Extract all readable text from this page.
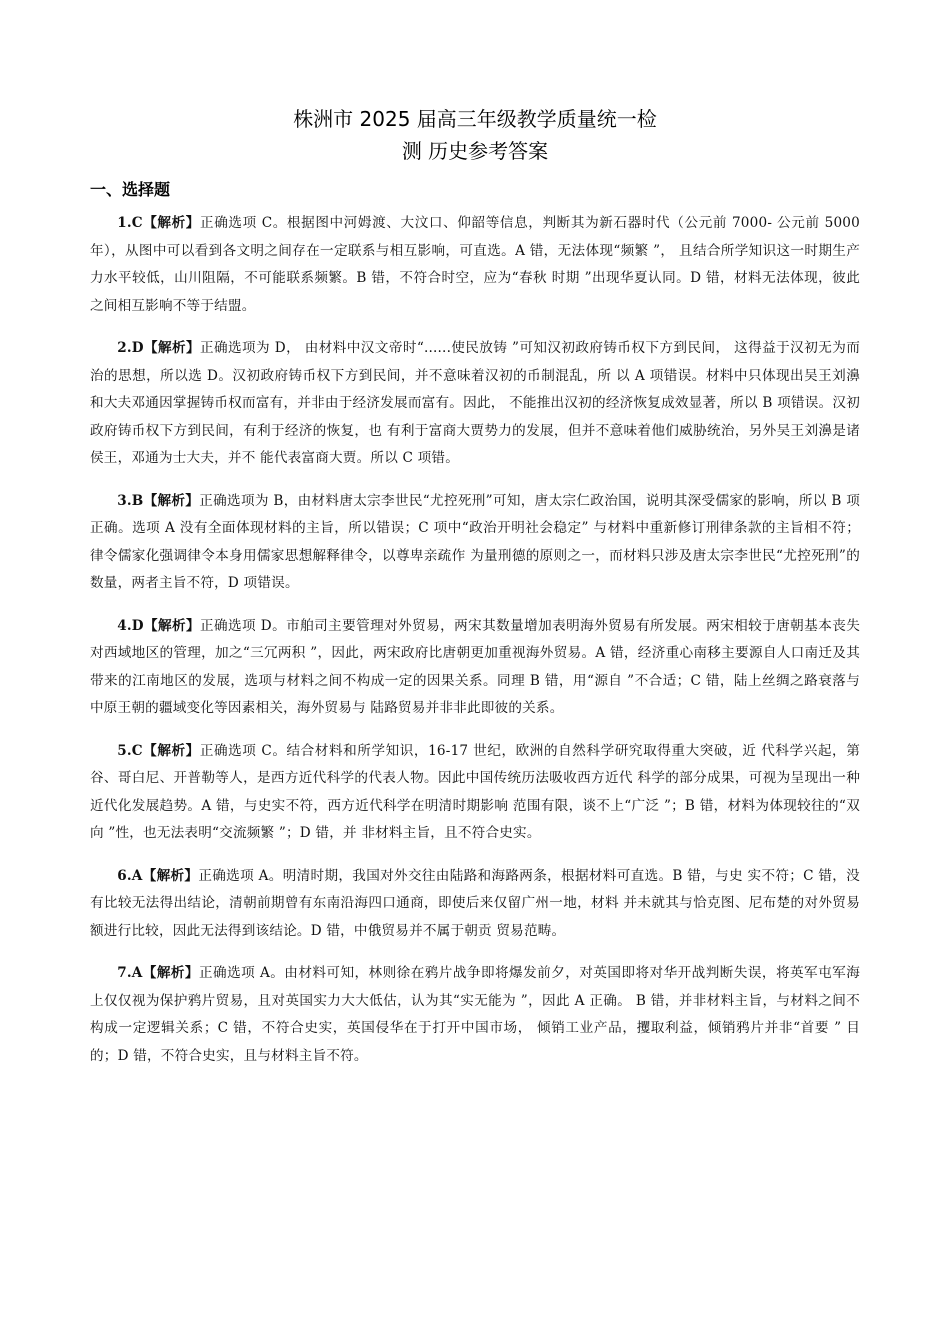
株洲市 2025 届高三年级教学质量统一检
测 历史参考答案
一、选择题

1.C【解析】正确选项 C。根据图中河姆渡、大汶口、仰韶等信息，判断其为新石器时代（公元前 7000- 公元前 5000 年），从图中可以看到各文明之间存在一定联系与相互影响，可直选。A 错，无法体现“频繁 ”， 且结合所学知识这一时期生产力水平较低，山川阻隔，不可能联系频繁。B 错，不符合时空，应为“春秋 时期 ”出现华夏认同。D 错，材料无法体现，彼此之间相互影响不等于结盟。

2.D【解析】正确选项为 D， 由材料中汉文帝时“......使民放铸 ”可知汉初政府铸币权下方到民间， 这得益于汉初无为而治的思想，所以选 D。汉初政府铸币权下方到民间，并不意味着汉初的币制混乱，所 以 A 项错误。材料中只体现出吴王刘濞和大夫邓通因掌握铸币权而富有，并非由于经济发展而富有。因此， 不能推出汉初的经济恢复成效显著，所以 B 项错误。汉初政府铸币权下方到民间，有利于经济的恢复，也 有利于富商大贾势力的发展，但并不意味着他们威胁统治，另外吴王刘濞是诸侯王，邓通为士大夫，并不 能代表富商大贾。所以 C 项错。

3.B【解析】正确选项为 B，由材料唐太宗李世民“尤控死刑”可知，唐太宗仁政治国，说明其深受儒家的影响，所以 B 项正确。选项 A 没有全面体现材料的主旨，所以错误；C 项中“政治开明社会稳定” 与材料中重新修订刑律条款的主旨相不符；律令儒家化强调律令本身用儒家思想解释律令，以尊卑亲疏作 为量刑德的原则之一，而材料只涉及唐太宗李世民“尤控死刑”的数量，两者主旨不符，D 项错误。

4.D【解析】正确选项 D。市舶司主要管理对外贸易，两宋其数量增加表明海外贸易有所发展。两宋相较于唐朝基本丧失对西域地区的管理，加之“三冗两积 ”，因此，两宋政府比唐朝更加重视海外贸易。A 错，经济重心南移主要源自人口南迁及其带来的江南地区的发展，选项与材料之间不构成一定的因果关系。同理 B 错，用“源自 ”不合适；C 错，陆上丝绸之路衰落与中原王朝的疆域变化等因素相关，海外贸易与 陆路贸易并非非此即彼的关系。

5.C【解析】正确选项 C。结合材料和所学知识，16-17 世纪，欧洲的自然科学研究取得重大突破，近 代科学兴起，第谷、哥白尼、开普勒等人，是西方近代科学的代表人物。因此中国传统历法吸收西方近代 科学的部分成果，可视为呈现出一种近代化发展趋势。A 错，与史实不符，西方近代科学在明清时期影响 范围有限，谈不上“广泛 ”；B 错，材料为体现较往的“双向 ”性，也无法表明“交流频繁 ”；D 错，并 非材料主旨，且不符合史实。

6.A【解析】正确选项 A。明清时期，我国对外交往由陆路和海路两条，根据材料可直选。B 错，与史 实不符；C 错，没有比较无法得出结论，清朝前期曾有东南沿海四口通商，即使后来仅留广州一地，材料 并未就其与恰克图、尼布楚的对外贸易额进行比较，因此无法得到该结论。D 错，中俄贸易并不属于朝贡 贸易范畴。

7.A【解析】正确选项 A。由材料可知，林则徐在鸦片战争即将爆发前夕，对英国即将对华开战判断失误，将英军屯军海上仅仅视为保护鸦片贸易，且对英国实力大大低估，认为其“实无能为 ”，因此 A 正确。 B 错，并非材料主旨，与材料之间不构成一定逻辑关系；C 错，不符合史实，英国侵华在于打开中国市场， 倾销工业产品，攫取利益，倾销鸦片并非“首要 ” 目的；D 错，不符合史实，且与材料主旨不符。
